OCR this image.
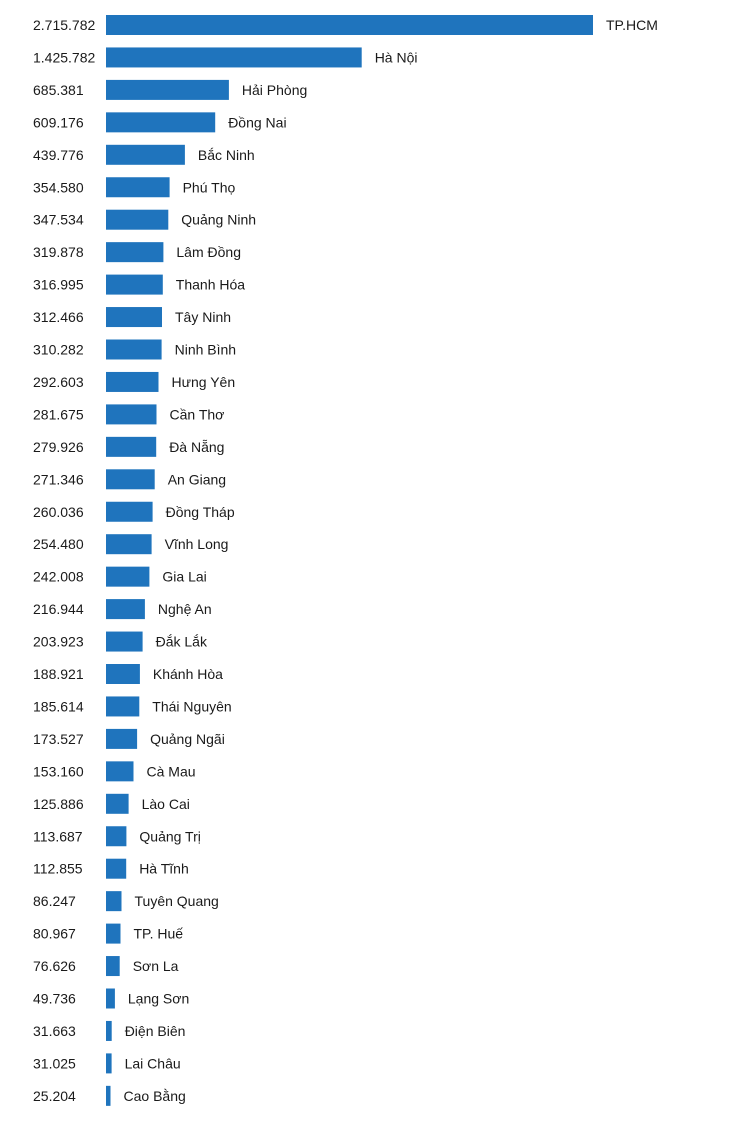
2.715.782	TP.HCM
1.425.782	Hà Nội
685.381	Hải Phòng
609.176	Đồng Nai
439.776	Bắc Ninh
354.580	Phú Thọ
347.534	Quảng Ninh
319.878	Lâm Đồng
316.995	Thanh Hóa
312.466	Tây Ninh
310.282	Ninh Bình
292.603	Hưng Yên
281.675	Cần Thơ
279.926	Đà Nẵng
271.346	An Giang
260.036	Đồng Tháp
254.480	Vĩnh Long
242.008	Gia Lai
216.944	Nghệ An
203.923	Đắk Lắk
188.921	Khánh Hòa
185.614	Thái Nguyên
173.527	Quảng Ngãi
153.160	Cà Mau
125.886	Lào Cai
113.687	Quảng Trị
112.855	Hà Tĩnh
86.247	Tuyên Quang
80.967	TP. Huế
76.626	Sơn La
49.736	Lạng Sơn
31.663	Điện Biên
31.025	Lai Châu
25.204	Cao Bằng
